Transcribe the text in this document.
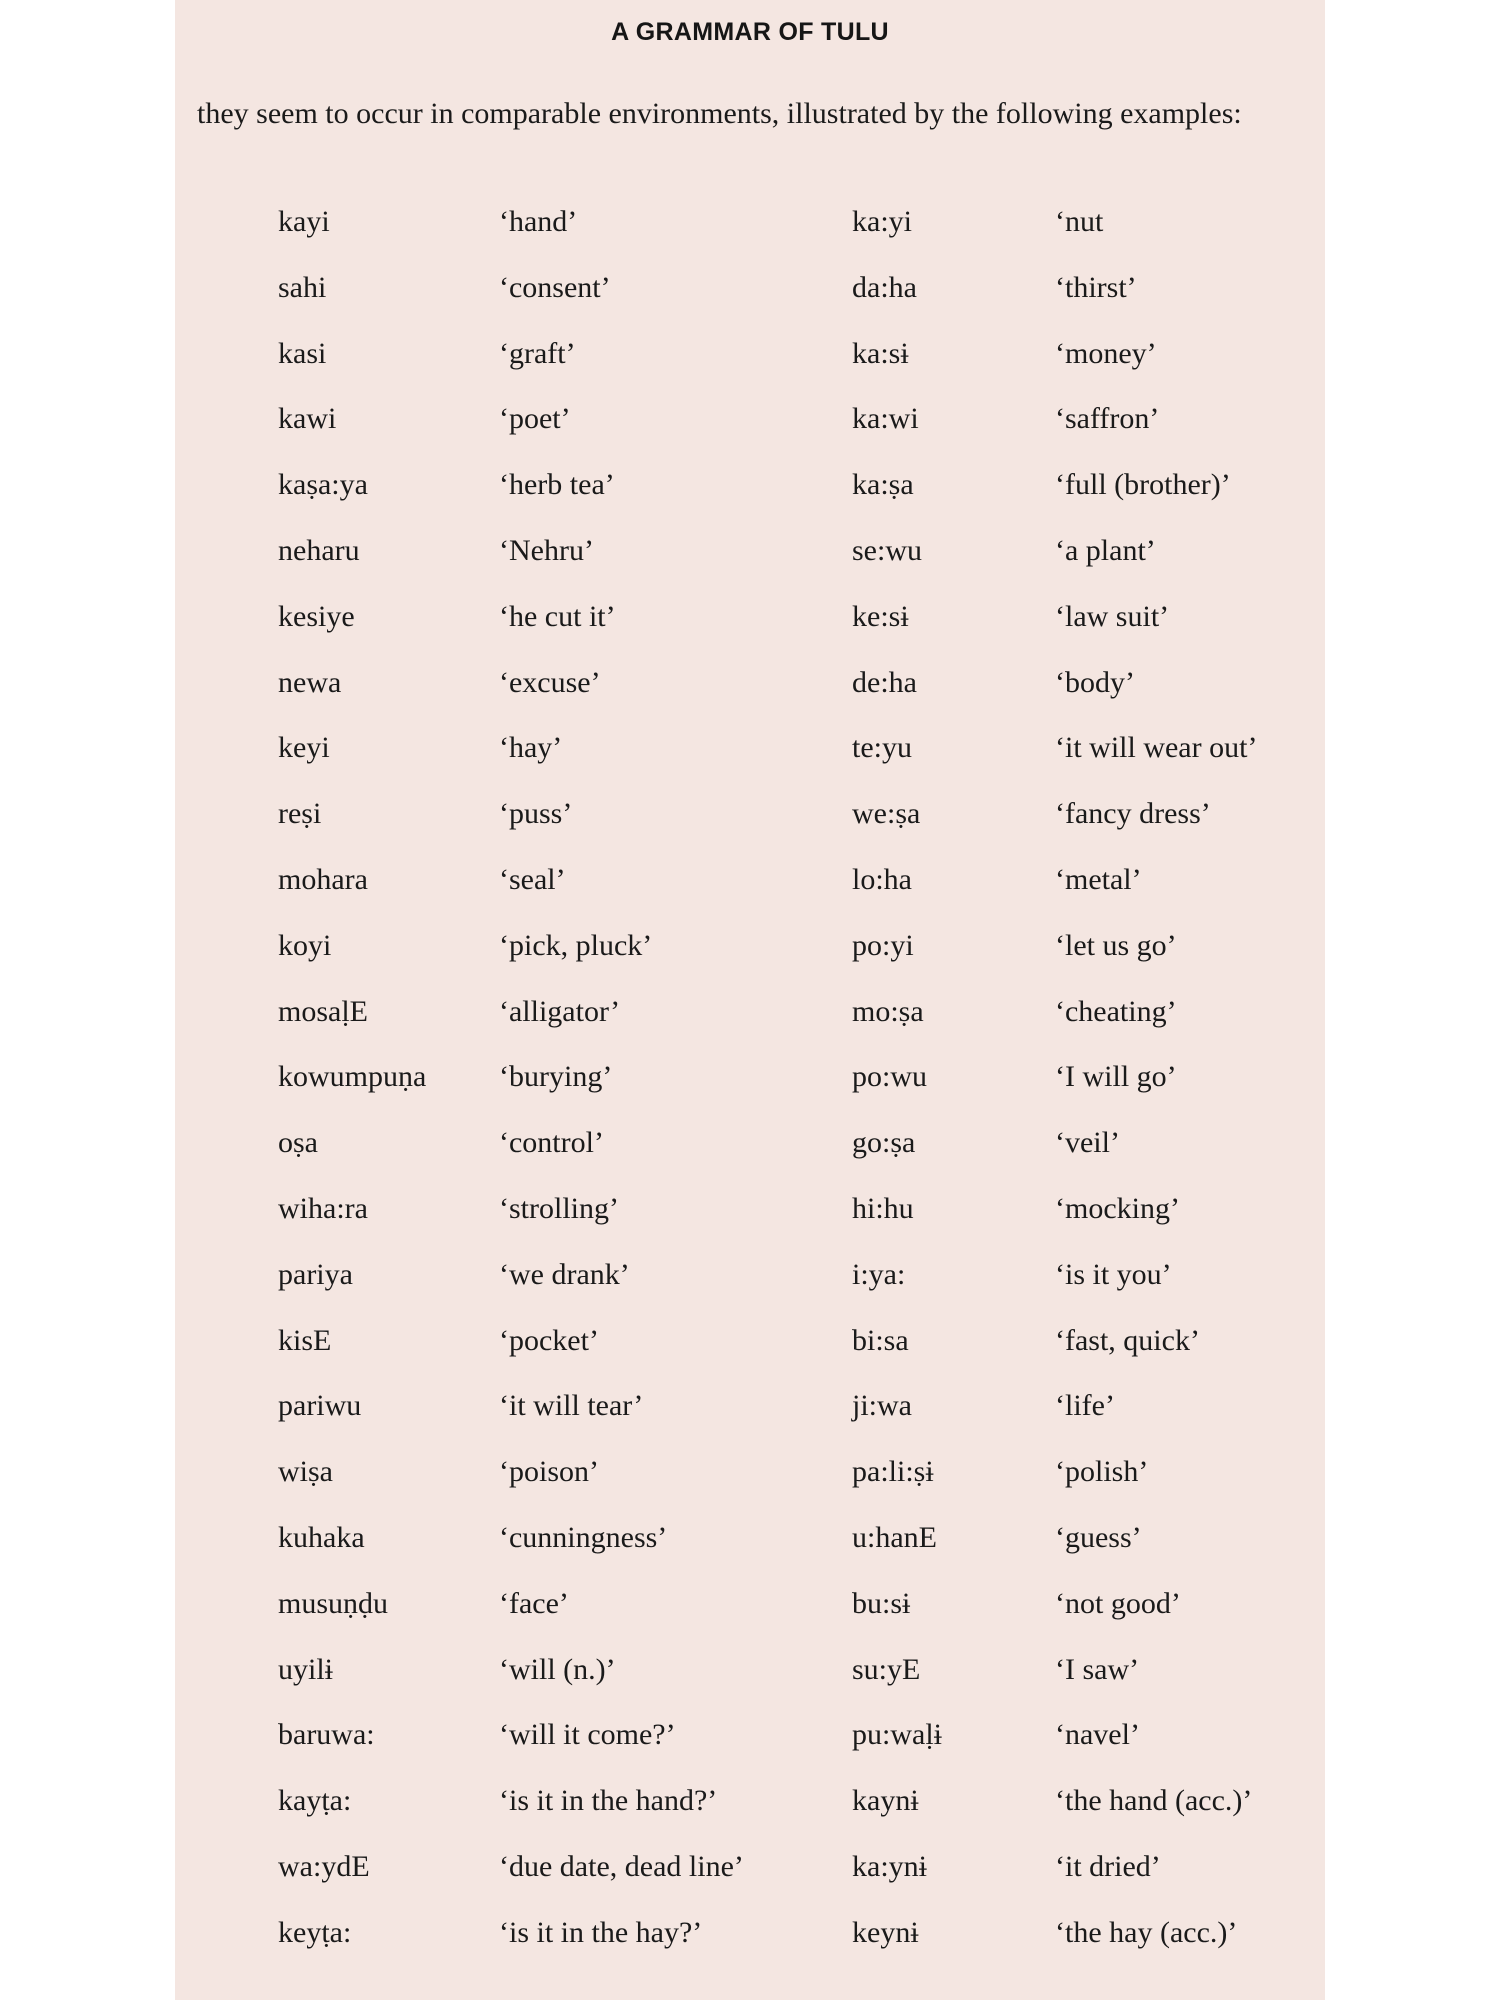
A GRAMMAR OF TULU
they seem to occur in comparable environments, illustrated by the following examples:
kayi	‘hand’	ka:yi	‘nut
sahi	‘consent’	da:ha	‘thirst’
kasi	‘graft’	ka:sɨ	‘money’
kawi	‘poet’	ka:wi	‘saffron’
kaṣa:ya	‘herb tea’	ka:ṣa	‘full (brother)’
neharu	‘Nehru’	se:wu	‘a plant’
kesiye	‘he cut it’	ke:sɨ	‘law suit’
newa	‘excuse’	de:ha	‘body’
keyi	‘hay’	te:yu	‘it will wear out’
reṣi	‘puss’	we:ṣa	‘fancy dress’
mohara	‘seal’	lo:ha	‘metal’
koyi	‘pick, pluck’	po:yi	‘let us go’
mosaḷE	‘alligator’	mo:ṣa	‘cheating’
kowumpuṇa ‘burying’	po:wu	‘I will go’
oṣa	‘control’	go:ṣa	‘veil’
wiha:ra	‘strolling’	hi:hu	‘mocking’
pariya	‘we drank’	i:ya:	‘is it you’
kisE	‘pocket’	bi:sa	‘fast, quick’
pariwu	‘it will tear’	ji:wa	‘life’
wiṣa	‘poison’	pa:li:ṣɨ	‘polish’
kuhaka	‘cunningness’	u:hanE	‘guess’
musuṇḍu	‘face’	bu:sɨ	‘not good’
uyilɨ	‘will (n.)’	su:yE	‘I saw’
baruwa:	‘will it come?’	pu:waḷɨ	‘navel’
kayṭa:	‘is it in the hand?’	kaynɨ	‘the hand (acc.)’
wa:ydE	‘due date, dead line’	ka:ynɨ	‘it dried’
keyṭa:	‘is it in the hay?’	keynɨ	‘the hay (acc.)’
